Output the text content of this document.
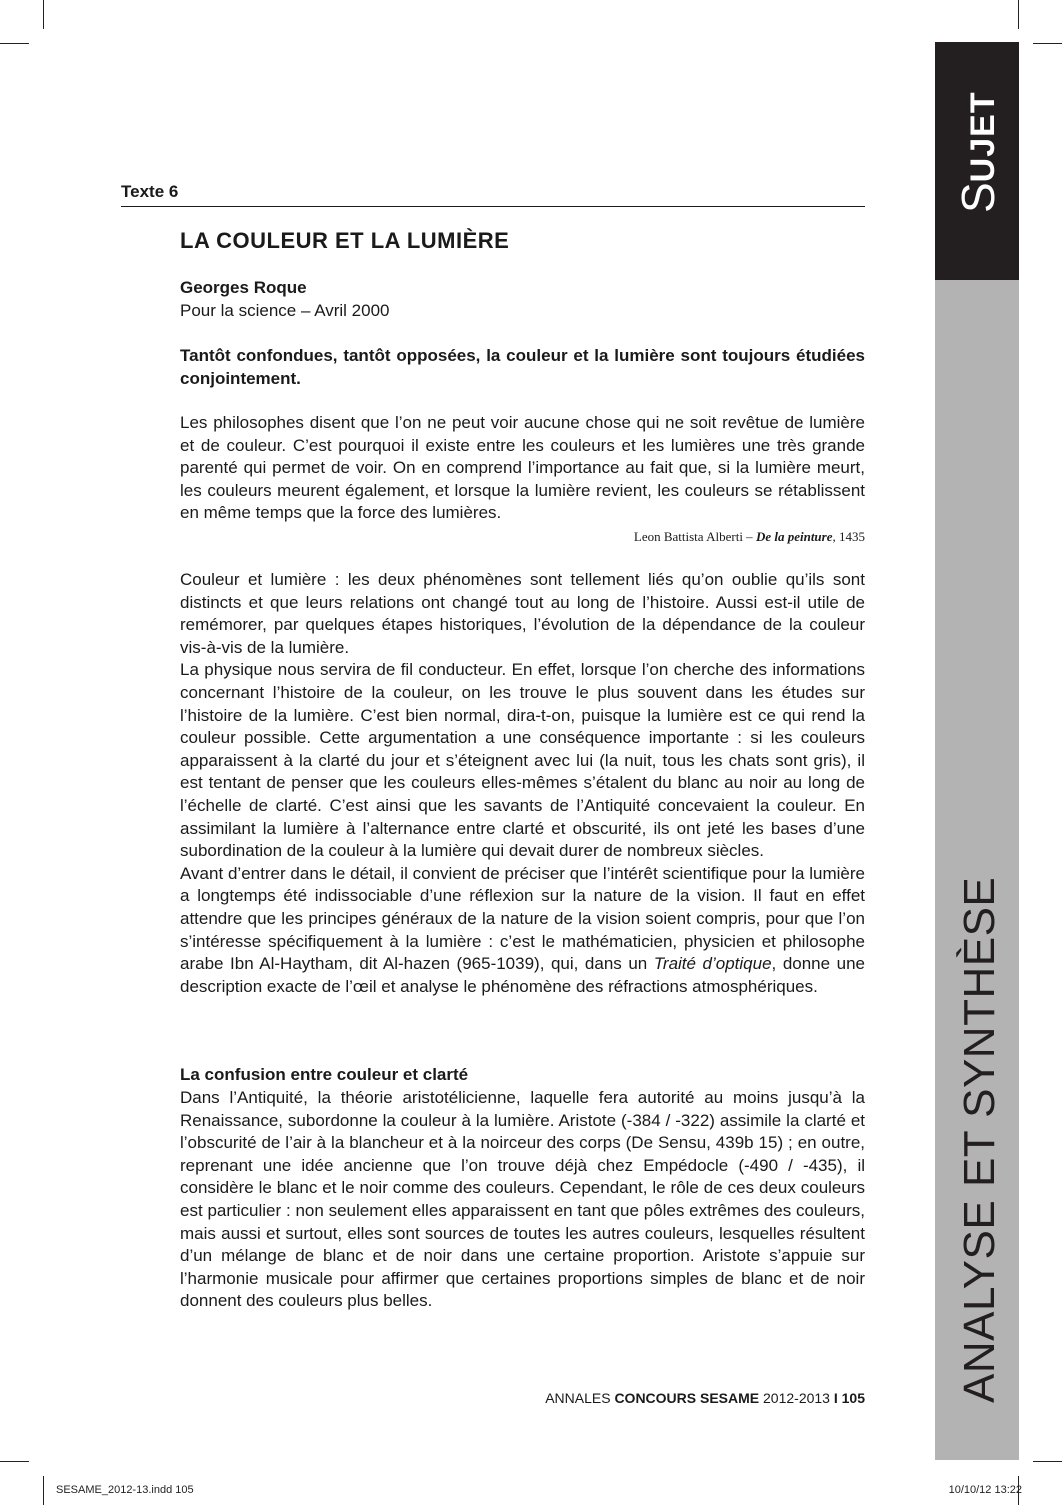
SUJET
ANALYSE ET SYNTHÈSE
Texte 6
LA COULEUR ET LA LUMIÈRE
Georges Roque
Pour la science – Avril 2000

Tantôt confondues, tantôt opposées, la couleur et la lumière sont toujours étudiées conjointement.

Les philosophes disent que l’on ne peut voir aucune chose qui ne soit revêtue de lumière et de couleur. C’est pourquoi il existe entre les couleurs et les lumières une très grande parenté qui permet de voir. On en comprend l’importance au fait que, si la lumière meurt, les couleurs meurent également, et lorsque la lumière revient, les couleurs se rétablissent en même temps que la force des lumières.

Leon Battista Alberti – De la peinture, 1435

Couleur et lumière : les deux phénomènes sont tellement liés qu’on oublie qu’ils sont distincts et que leurs relations ont changé tout au long de l’histoire. Aussi est-il utile de remémorer, par quelques étapes historiques, l’évolution de la dépendance de la couleur vis-à-vis de la lumière.

La physique nous servira de fil conducteur. En effet, lorsque l’on cherche des informations concernant l’histoire de la couleur, on les trouve le plus souvent dans les études sur l’histoire de la lumière. C’est bien normal, dira-t-on, puisque la lumière est ce qui rend la couleur possible. Cette argumentation a une conséquence importante : si les couleurs apparaissent à la clarté du jour et s’éteignent avec lui (la nuit, tous les chats sont gris), il est tentant de penser que les couleurs elles-mêmes s’étalent du blanc au noir au long de l’échelle de clarté. C’est ainsi que les savants de l’Antiquité concevaient la couleur. En assimilant la lumière à l’alternance entre clarté et obscurité, ils ont jeté les bases d’une subordination de la couleur à la lumière qui devait durer de nombreux siècles.

Avant d’entrer dans le détail, il convient de préciser que l’intérêt scientifique pour la lumière a longtemps été indissociable d’une réflexion sur la nature de la vision. Il faut en effet attendre que les principes généraux de la nature de la vision soient compris, pour que l’on s’intéresse spécifiquement à la lumière : c’est le mathématicien, physicien et philosophe arabe Ibn Al-Haytham, dit Al-hazen (965-1039), qui, dans un Traité d’optique, donne une description exacte de l’œil et analyse le phénomène des réfractions atmosphériques.

La confusion entre couleur et clarté

Dans l’Antiquité, la théorie aristotélicienne, laquelle fera autorité au moins jusqu’à la Renaissance, subordonne la couleur à la lumière. Aristote (-384 / -322) assimile la clarté et l’obscurité de l’air à la blancheur et à la noirceur des corps (De Sensu, 439b 15) ; en outre, reprenant une idée ancienne que l’on trouve déjà chez Empédocle (-490 / -435), il considère le blanc et le noir comme des couleurs. Cependant, le rôle de ces deux couleurs est particulier : non seulement elles apparaissent en tant que pôles extrêmes des couleurs, mais aussi et surtout, elles sont sources de toutes les autres couleurs, lesquelles résultent d’un mélange de blanc et de noir dans une certaine proportion. Aristote s’appuie sur l’harmonie musicale pour affirmer que certaines proportions simples de blanc et de noir donnent des couleurs plus belles.

ANNALES CONCOURS SESAME 2012-2013 I 105
SESAME_2012-13.indd 105	10/10/12 13:22
